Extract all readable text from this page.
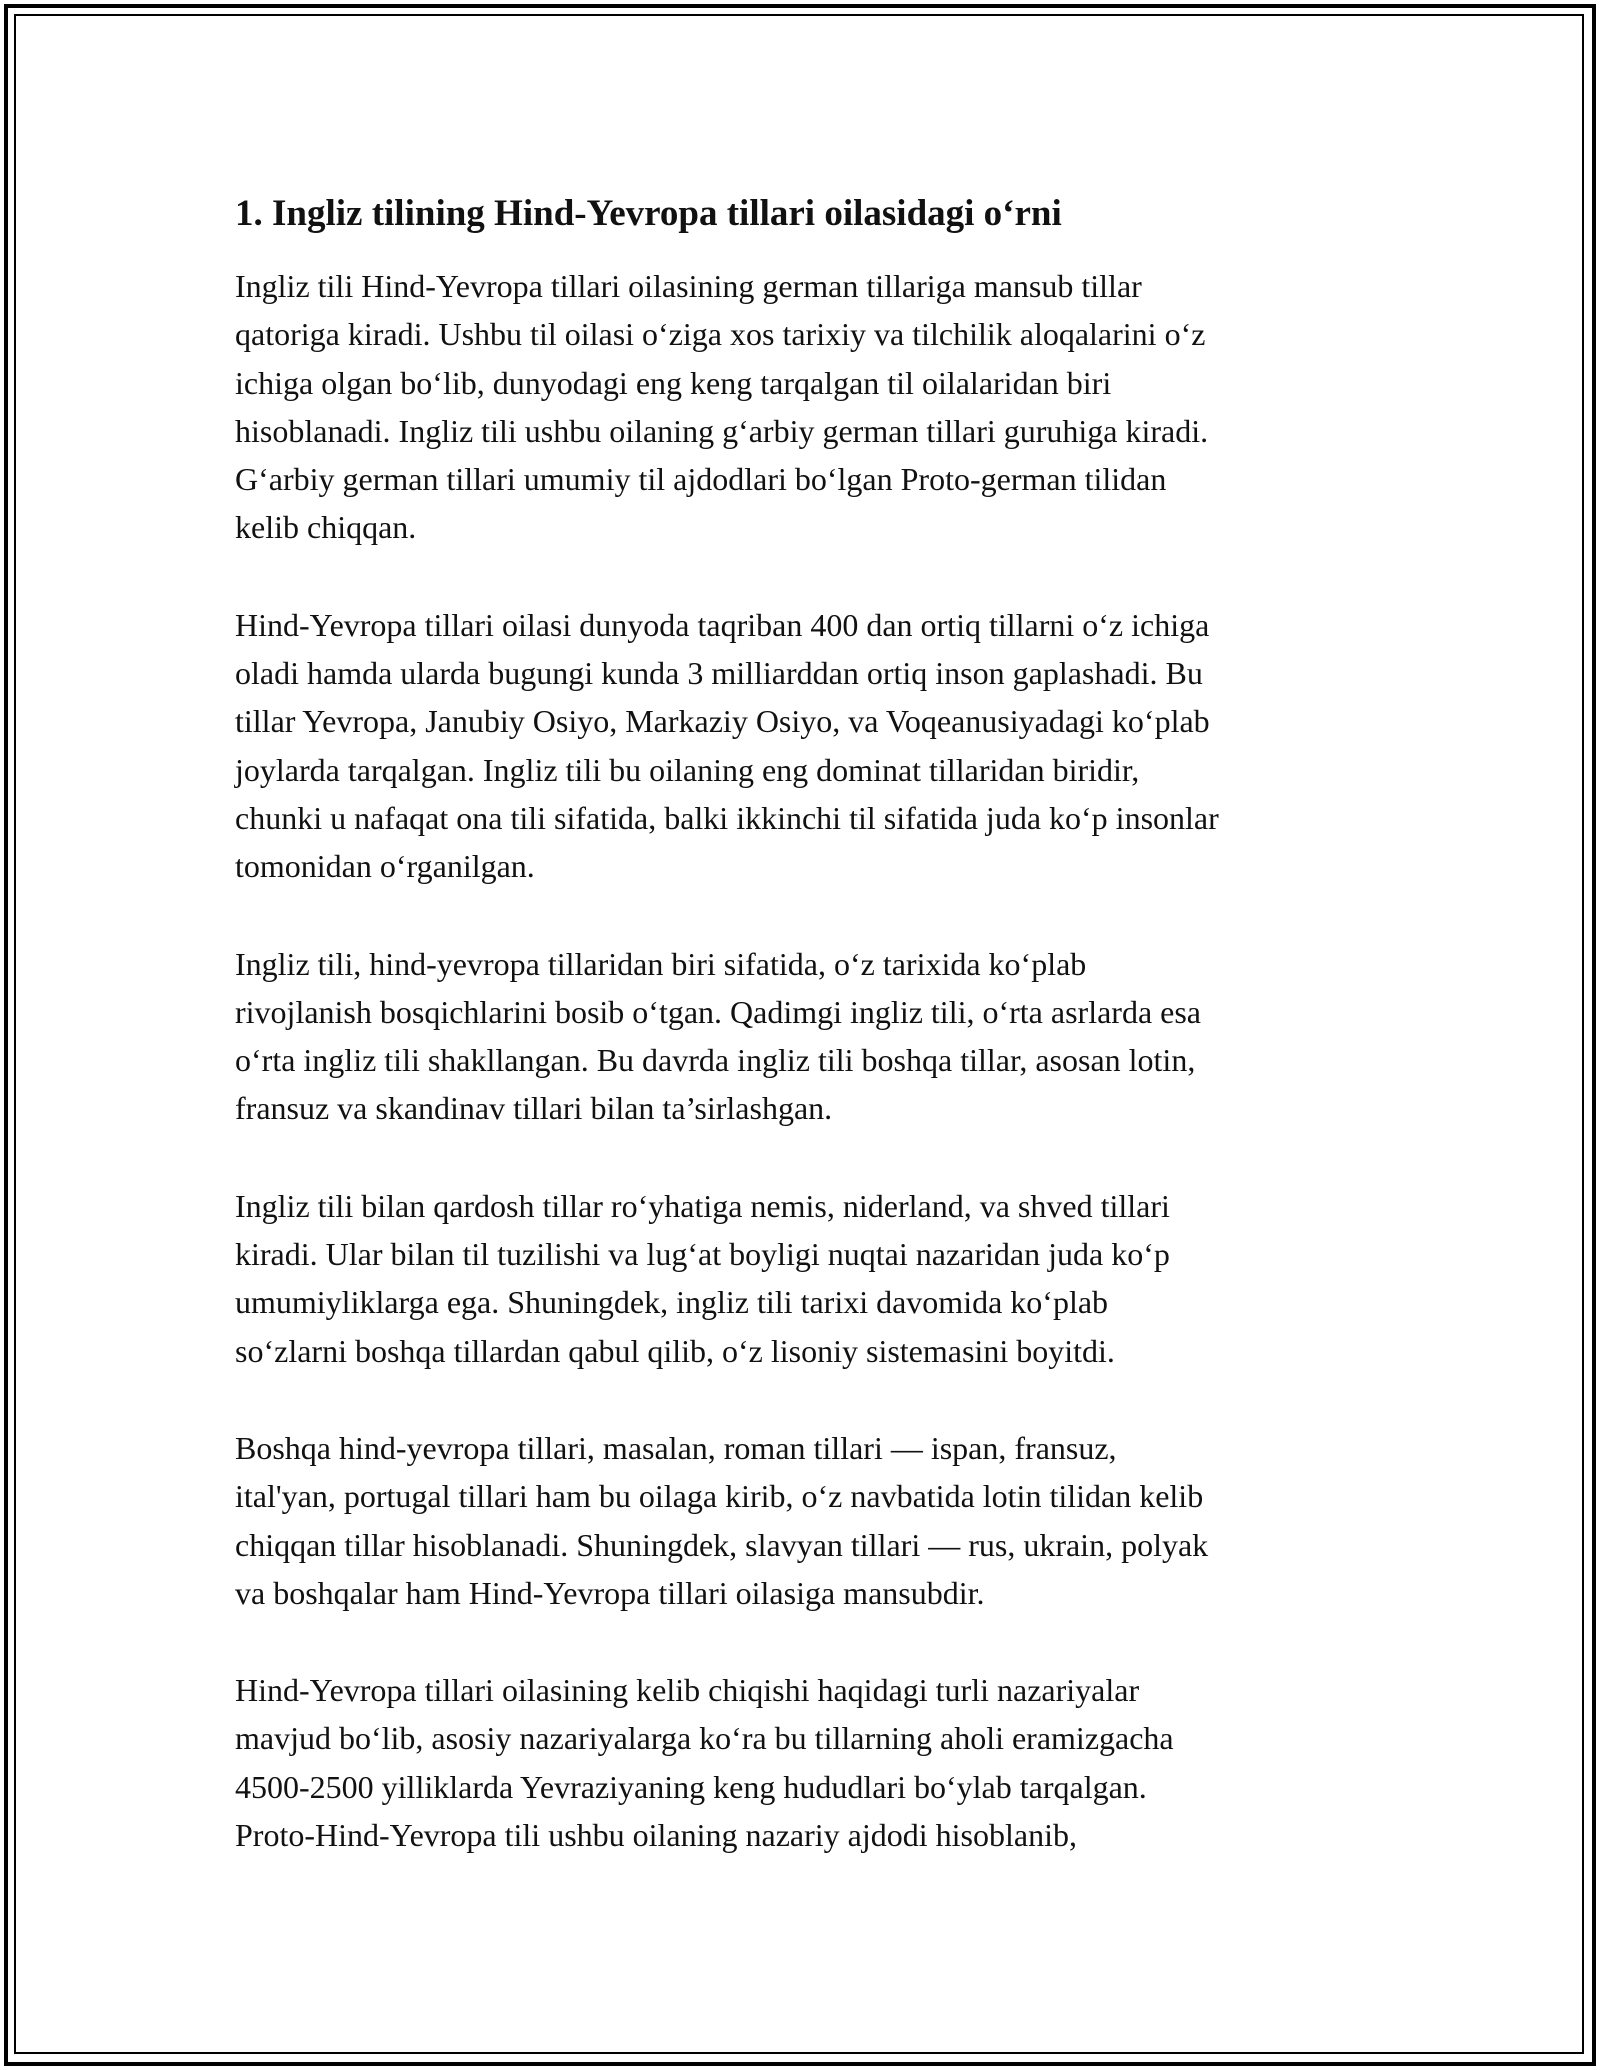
1. Ingliz tilining Hind-Yevropa tillari oilasidagi o‘rni
Ingliz tili Hind-Yevropa tillari oilasining german tillariga mansub tillar
qatoriga kiradi. Ushbu til oilasi o‘ziga xos tarixiy va tilchilik aloqalarini o‘z
ichiga olgan bo‘lib, dunyodagi eng keng tarqalgan til oilalaridan biri
hisoblanadi. Ingliz tili ushbu oilaning g‘arbiy german tillari guruhiga kiradi.
G‘arbiy german tillari umumiy til ajdodlari bo‘lgan Proto-german tilidan
kelib chiqqan.
Hind-Yevropa tillari oilasi dunyoda taqriban 400 dan ortiq tillarni o‘z ichiga
oladi hamda ularda bugungi kunda 3 milliarddan ortiq inson gaplashadi. Bu
tillar Yevropa, Janubiy Osiyo, Markaziy Osiyo, va Voqeanusiyadagi ko‘plab
joylarda tarqalgan. Ingliz tili bu oilaning eng dominat tillaridan biridir,
chunki u nafaqat ona tili sifatida, balki ikkinchi til sifatida juda ko‘p insonlar
tomonidan o‘rganilgan.
Ingliz tili, hind-yevropa tillaridan biri sifatida, o‘z tarixida ko‘plab
rivojlanish bosqichlarini bosib o‘tgan. Qadimgi ingliz tili, o‘rta asrlarda esa
o‘rta ingliz tili shakllangan. Bu davrda ingliz tili boshqa tillar, asosan lotin,
fransuz va skandinav tillari bilan ta’sirlashgan.
Ingliz tili bilan qardosh tillar ro‘yhatiga nemis, niderland, va shved tillari
kiradi. Ular bilan til tuzilishi va lug‘at boyligi nuqtai nazaridan juda ko‘p
umumiyliklarga ega. Shuningdek, ingliz tili tarixi davomida ko‘plab
so‘zlarni boshqa tillardan qabul qilib, o‘z lisoniy sistemasini boyitdi.
Boshqa hind-yevropa tillari, masalan, roman tillari — ispan, fransuz,
ital'yan, portugal tillari ham bu oilaga kirib, o‘z navbatida lotin tilidan kelib
chiqqan tillar hisoblanadi. Shuningdek, slavyan tillari — rus, ukrain, polyak
va boshqalar ham Hind-Yevropa tillari oilasiga mansubdir.
Hind-Yevropa tillari oilasining kelib chiqishi haqidagi turli nazariyalar
mavjud bo‘lib, asosiy nazariyalarga ko‘ra bu tillarning aholi eramizgacha
4500-2500 yilliklarda Yevraziyaning keng hududlari bo‘ylab tarqalgan.
Proto-Hind-Yevropa tili ushbu oilaning nazariy ajdodi hisoblanib,
